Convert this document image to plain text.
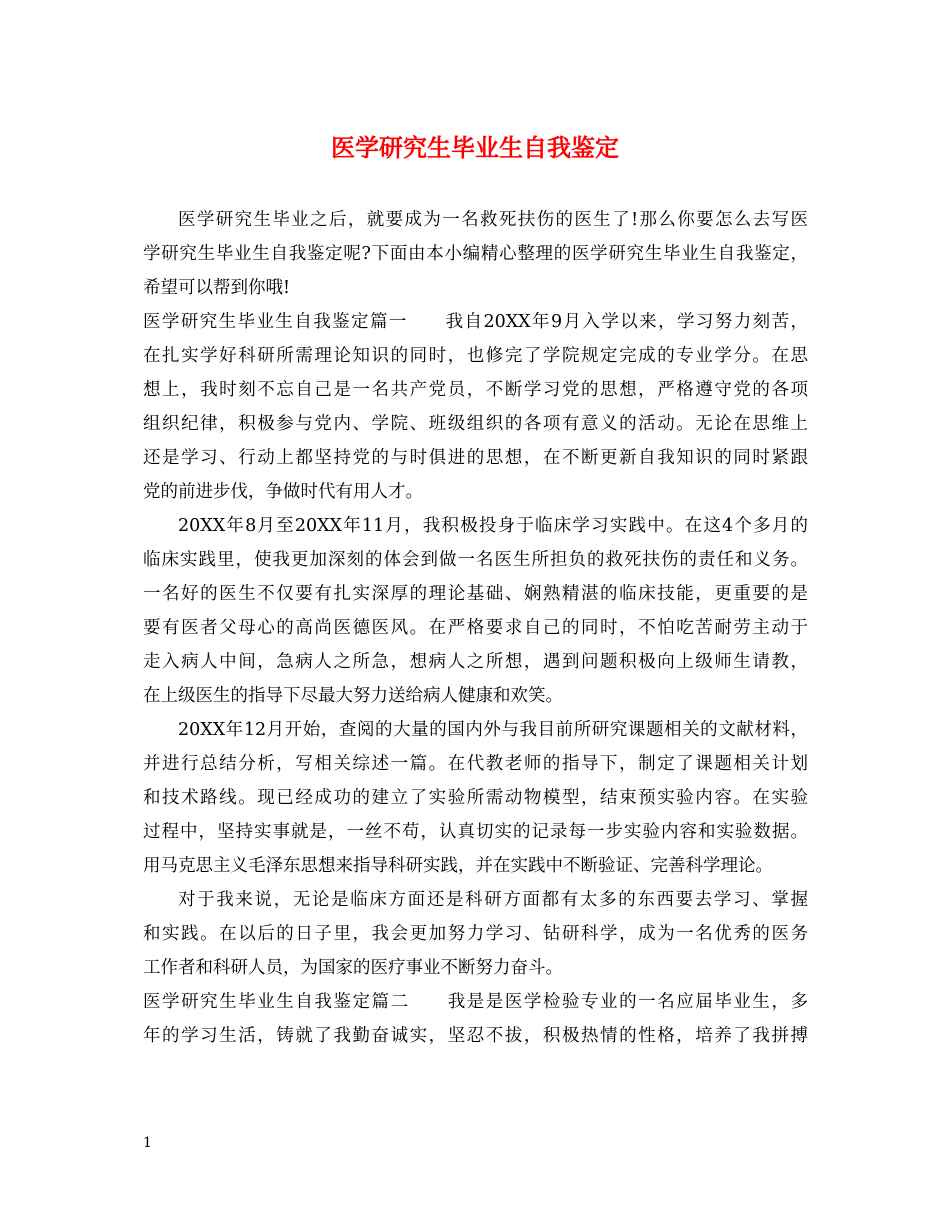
医学研究生毕业生自我鉴定
医学研究生毕业之后，就要成为一名救死扶伤的医生了!那么你要怎么去写医
学研究生毕业生自我鉴定呢?下面由本小编精心整理的医学研究生毕业生自我鉴定，
希望可以帮到你哦!
医学研究生毕业生自我鉴定篇一　　我自20XX年9月入学以来，学习努力刻苦，
在扎实学好科研所需理论知识的同时，也修完了学院规定完成的专业学分。在思
想上，我时刻不忘自己是一名共产党员，不断学习党的思想，严格遵守党的各项
组织纪律，积极参与党内、学院、班级组织的各项有意义的活动。无论在思维上
还是学习、行动上都坚持党的与时俱进的思想，在不断更新自我知识的同时紧跟
党的前进步伐，争做时代有用人才。
20XX年8月至20XX年11月，我积极投身于临床学习实践中。在这4个多月的
临床实践里，使我更加深刻的体会到做一名医生所担负的救死扶伤的责任和义务。
一名好的医生不仅要有扎实深厚的理论基础、娴熟精湛的临床技能，更重要的是
要有医者父母心的高尚医德医风。在严格要求自己的同时，不怕吃苦耐劳主动于
走入病人中间，急病人之所急，想病人之所想，遇到问题积极向上级师生请教，
在上级医生的指导下尽最大努力送给病人健康和欢笑。
20XX年12月开始，查阅的大量的国内外与我目前所研究课题相关的文献材料，
并进行总结分析，写相关综述一篇。在代教老师的指导下，制定了课题相关计划
和技术路线。现已经成功的建立了实验所需动物模型，结束预实验内容。在实验
过程中，坚持实事就是，一丝不苟，认真切实的记录每一步实验内容和实验数据。
用马克思主义毛泽东思想来指导科研实践，并在实践中不断验证、完善科学理论。
对于我来说，无论是临床方面还是科研方面都有太多的东西要去学习、掌握
和实践。在以后的日子里，我会更加努力学习、钻研科学，成为一名优秀的医务
工作者和科研人员，为国家的医疗事业不断努力奋斗。
医学研究生毕业生自我鉴定篇二　　我是是医学检验专业的一名应届毕业生，多
年的学习生活，铸就了我勤奋诚实，坚忍不拔，积极热情的性格，培养了我拼搏
1
